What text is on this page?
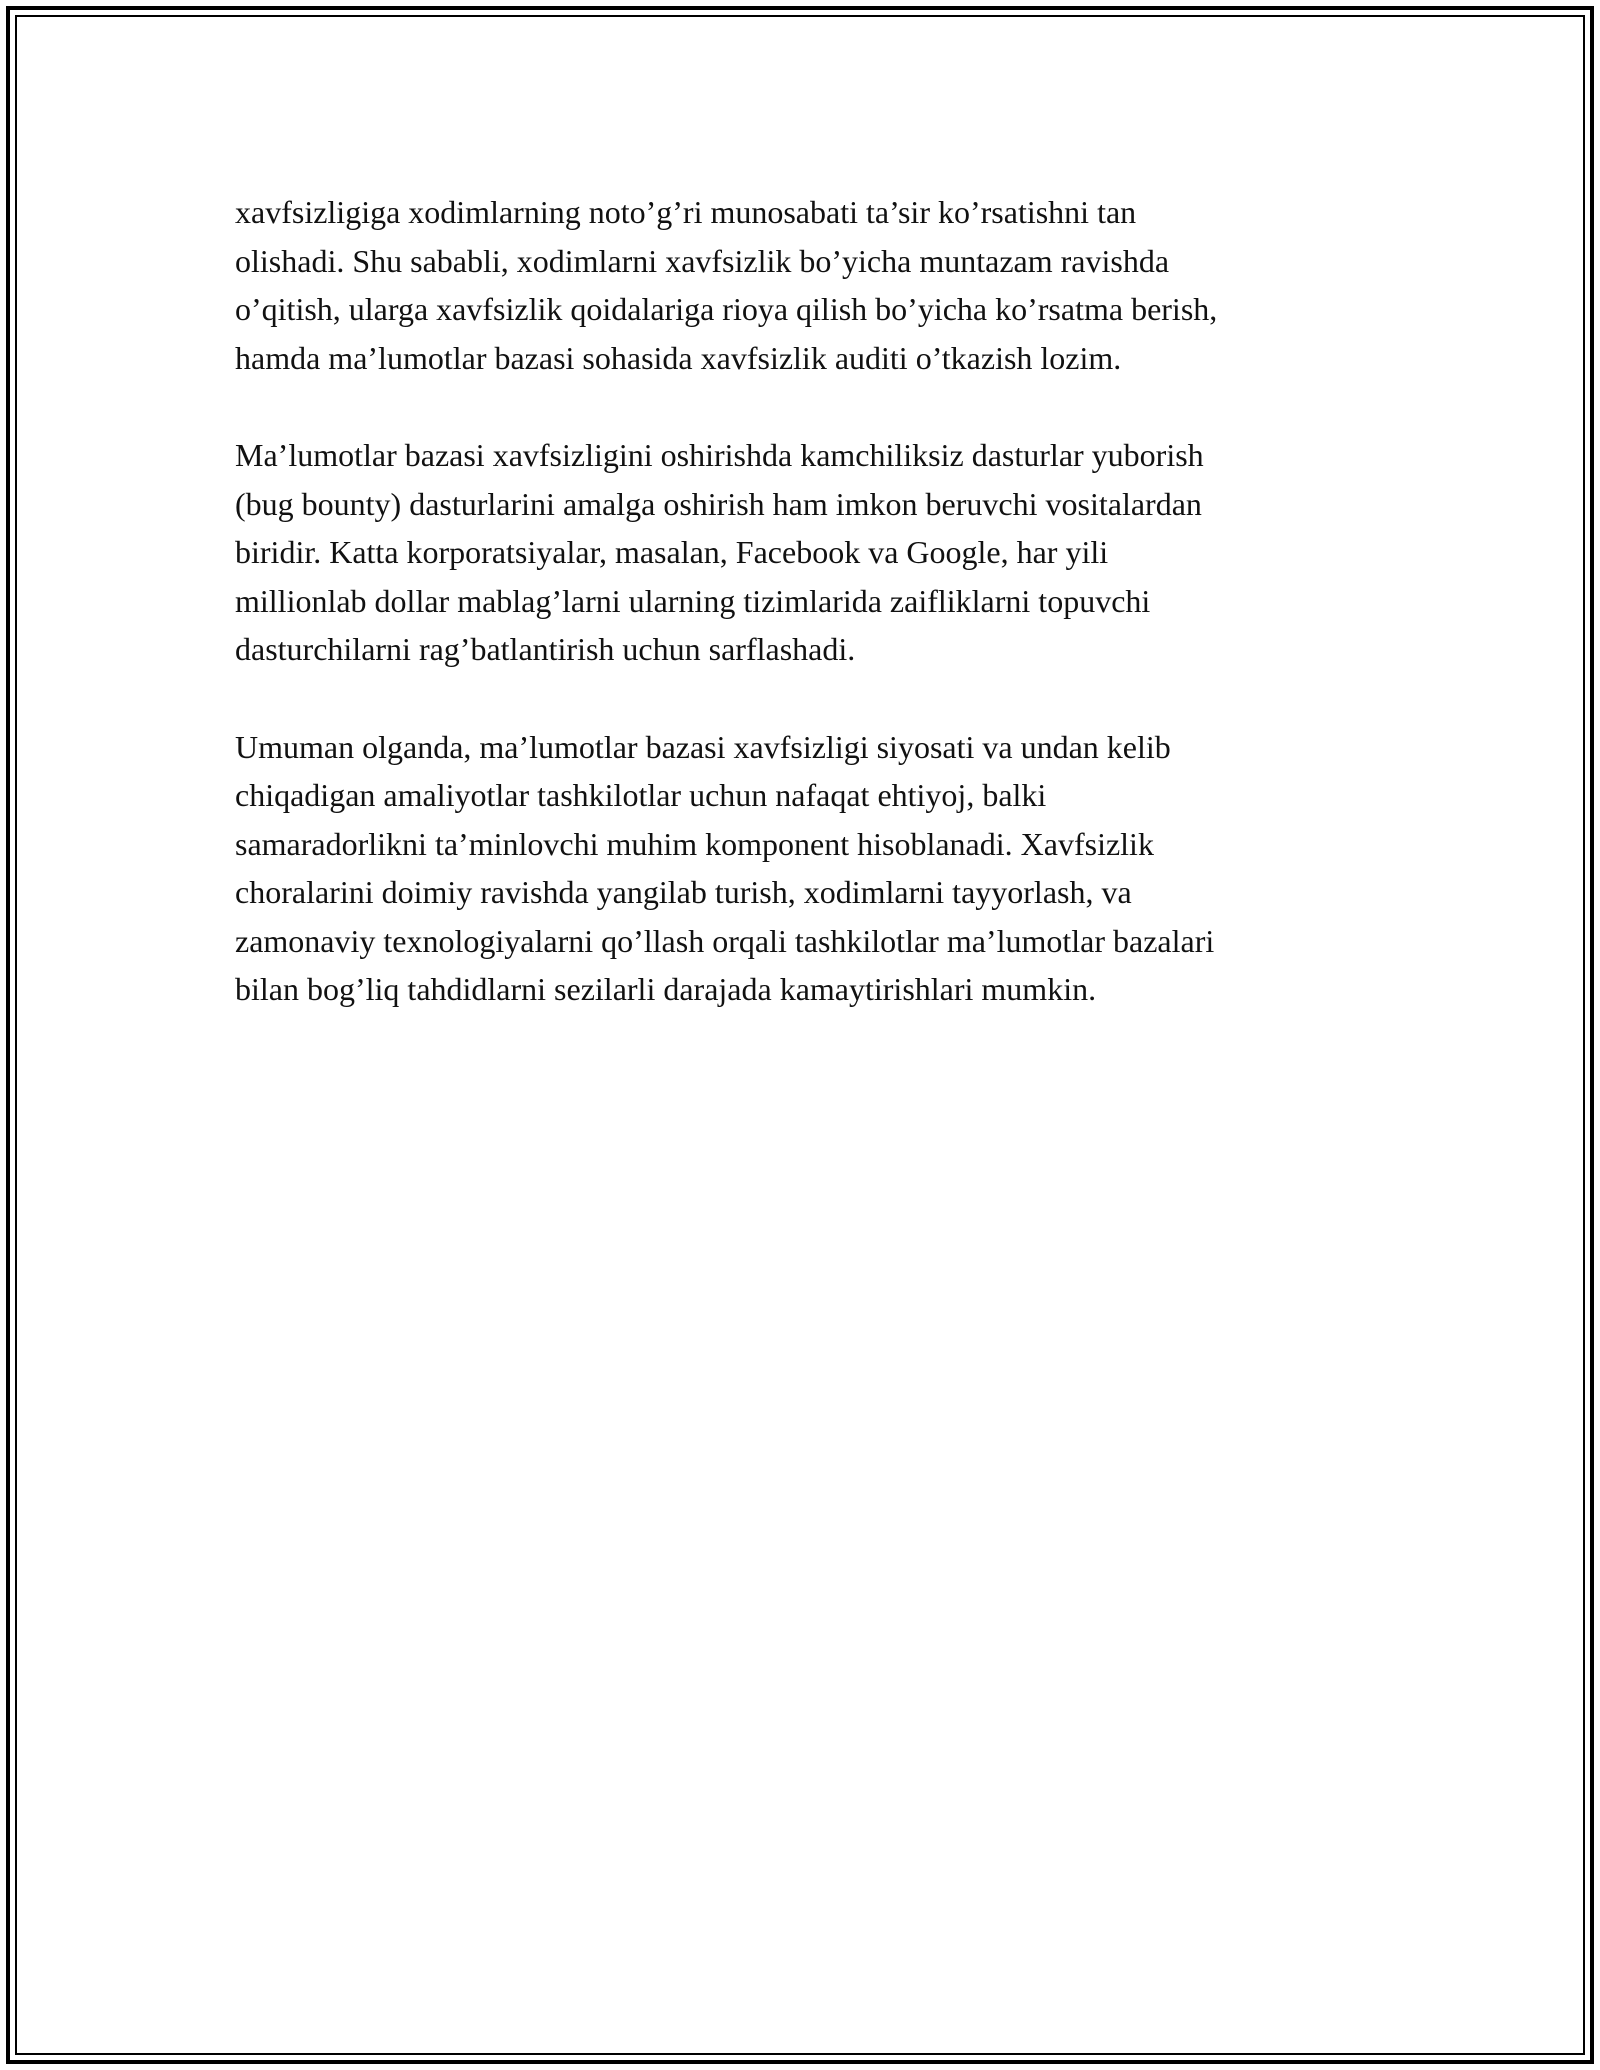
xavfsizligiga xodimlarning noto’g’ri munosabati ta’sir ko’rsatishni tan
olishadi. Shu sababli, xodimlarni xavfsizlik bo’yicha muntazam ravishda
o’qitish, ularga xavfsizlik qoidalariga rioya qilish bo’yicha ko’rsatma berish,
hamda ma’lumotlar bazasi sohasida xavfsizlik auditi o’tkazish lozim.

Ma’lumotlar bazasi xavfsizligini oshirishda kamchiliksiz dasturlar yuborish
(bug bounty) dasturlarini amalga oshirish ham imkon beruvchi vositalardan
biridir. Katta korporatsiyalar, masalan, Facebook va Google, har yili
millionlab dollar mablag’larni ularning tizimlarida zaifliklarni topuvchi
dasturchilarni rag’batlantirish uchun sarflashadi.

Umuman olganda, ma’lumotlar bazasi xavfsizligi siyosati va undan kelib
chiqadigan amaliyotlar tashkilotlar uchun nafaqat ehtiyoj, balki
samaradorlikni ta’minlovchi muhim komponent hisoblanadi. Xavfsizlik
choralarini doimiy ravishda yangilab turish, xodimlarni tayyorlash, va
zamonaviy texnologiyalarni qo’llash orqali tashkilotlar ma’lumotlar bazalari
bilan bog’liq tahdidlarni sezilarli darajada kamaytirishlari mumkin.
